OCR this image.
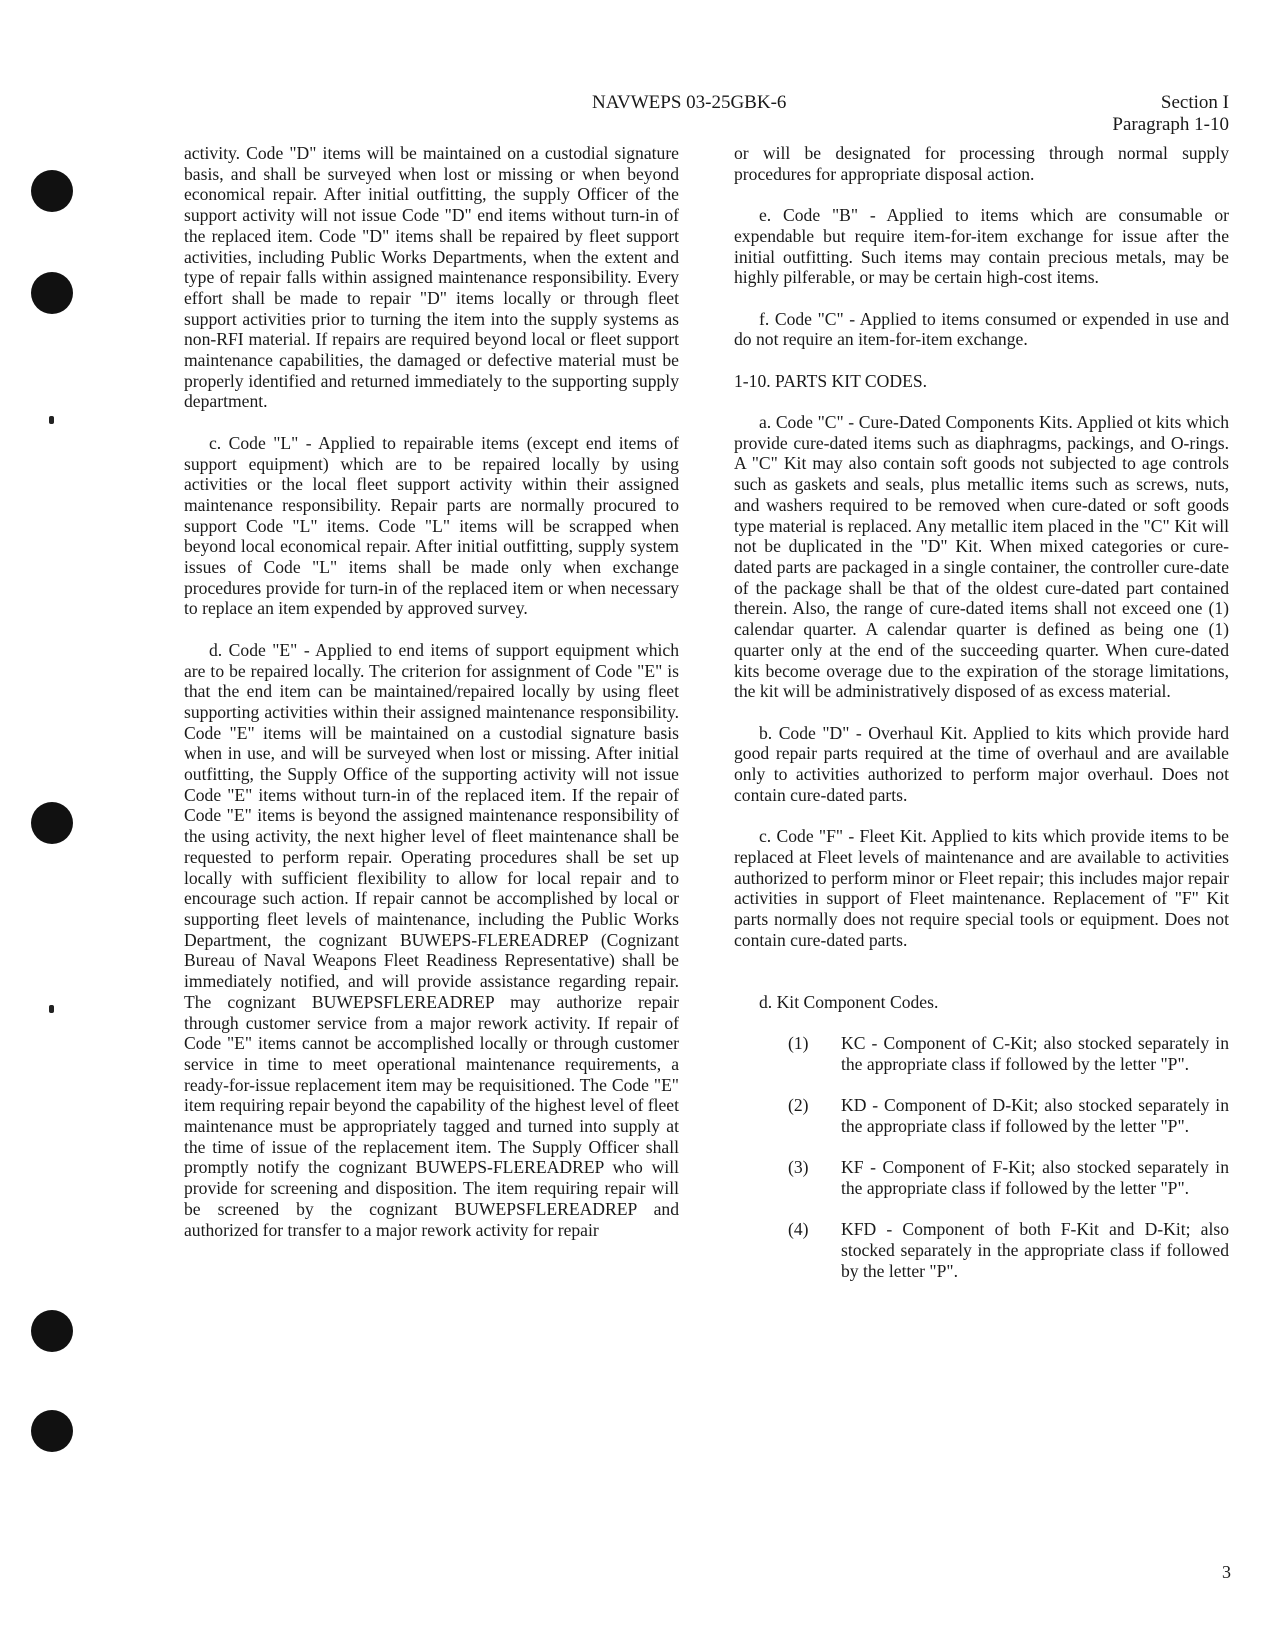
NAVWEPS 03-25GBK-6	Section I
Paragraph 1-10

activity. Code "D" items will be maintained on a custodial signature basis, and shall be surveyed when lost or missing or when beyond economical repair. After initial outfitting, the supply Officer of the support activity will not issue Code "D" end items without turn-in of the replaced item. Code "D" items shall be repaired by fleet support activities, including Public Works Departments, when the extent and type of repair falls within assigned maintenance responsibility. Every effort shall be made to repair "D" items locally or through fleet support activities prior to turning the item into the supply systems as non-RFI material. If repairs are required beyond local or fleet support maintenance capabilities, the damaged or defective material must be properly identified and returned immediately to the supporting supply department.

c. Code "L" - Applied to repairable items (except end items of support equipment) which are to be repaired locally by using activities or the local fleet support activity within their assigned maintenance responsibility. Repair parts are normally procured to support Code "L" items. Code "L" items will be scrapped when beyond local economical repair. After initial outfitting, supply system issues of Code "L" items shall be made only when exchange procedures provide for turn-in of the replaced item or when necessary to replace an item expended by approved survey.

d. Code "E" - Applied to end items of support equipment which are to be repaired locally. The criterion for assignment of Code "E" is that the end item can be maintained/repaired locally by using fleet supporting activities within their assigned maintenance responsibility. Code "E" items will be maintained on a custodial signature basis when in use, and will be surveyed when lost or missing. After initial outfitting, the Supply Office of the supporting activity will not issue Code "E" items without turn-in of the replaced item. If the repair of Code "E" items is beyond the assigned maintenance responsibility of the using activity, the next higher level of fleet maintenance shall be requested to perform repair. Operating procedures shall be set up locally with sufficient flexibility to allow for local repair and to encourage such action. If repair cannot be accomplished by local or supporting fleet levels of maintenance, including the Public Works Department, the cognizant BUWEPS-FLEREADREP (Cognizant Bureau of Naval Weapons Fleet Readiness Representative) shall be immediately notified, and will provide assistance regarding repair. The cognizant BUWEPSFLEREADREP may authorize repair through customer service from a major rework activity. If repair of Code "E" items cannot be accomplished locally or through customer service in time to meet operational maintenance requirements, a ready-for-issue replacement item may be requisitioned. The Code "E" item requiring repair beyond the capability of the highest level of fleet maintenance must be appropriately tagged and turned into supply at the time of issue of the replacement item. The Supply Officer shall promptly notify the cognizant BUWEPS-FLEREADREP who will provide for screening and disposition. The item requiring repair will be screened by the cognizant BUWEPSFLEREADREP and authorized for transfer to a major rework activity for repair

or will be designated for processing through normal supply procedures for appropriate disposal action.

e. Code "B" - Applied to items which are consumable or expendable but require item-for-item exchange for issue after the initial outfitting. Such items may contain precious metals, may be highly pilferable, or may be certain high-cost items.

f. Code "C" - Applied to items consumed or expended in use and do not require an item-for-item exchange.

1-10. PARTS KIT CODES.

a. Code "C" - Cure-Dated Components Kits. Applied ot kits which provide cure-dated items such as diaphragms, packings, and O-rings. A "C" Kit may also contain soft goods not subjected to age controls such as gaskets and seals, plus metallic items such as screws, nuts, and washers required to be removed when cure-dated or soft goods type material is replaced. Any metallic item placed in the "C" Kit will not be duplicated in the "D" Kit. When mixed categories or cure-dated parts are packaged in a single container, the controller cure-date of the package shall be that of the oldest cure-dated part contained therein. Also, the range of cure-dated items shall not exceed one (1) calendar quarter. A calendar quarter is defined as being one (1) quarter only at the end of the succeeding quarter. When cure-dated kits become overage due to the expiration of the storage limitations, the kit will be administratively disposed of as excess material.

b. Code "D" - Overhaul Kit. Applied to kits which provide hard good repair parts required at the time of overhaul and are available only to activities authorized to perform major overhaul. Does not contain cure-dated parts.

c. Code "F" - Fleet Kit. Applied to kits which provide items to be replaced at Fleet levels of maintenance and are available to activities authorized to perform minor or Fleet repair; this includes major repair activities in support of Fleet maintenance. Replacement of "F" Kit parts normally does not require special tools or equipment. Does not contain cure-dated parts.

d. Kit Component Codes.

(1)	KC - Component of C-Kit; also stocked separately in the appropriate class if followed by the letter "P".
(2)	KD - Component of D-Kit; also stocked separately in the appropriate class if followed by the letter "P".
(3)	KF - Component of F-Kit; also stocked separately in the appropriate class if followed by the letter "P".
(4)	KFD - Component of both F-Kit and D-Kit; also stocked separately in the appropriate class if followed by the letter "P".
3
